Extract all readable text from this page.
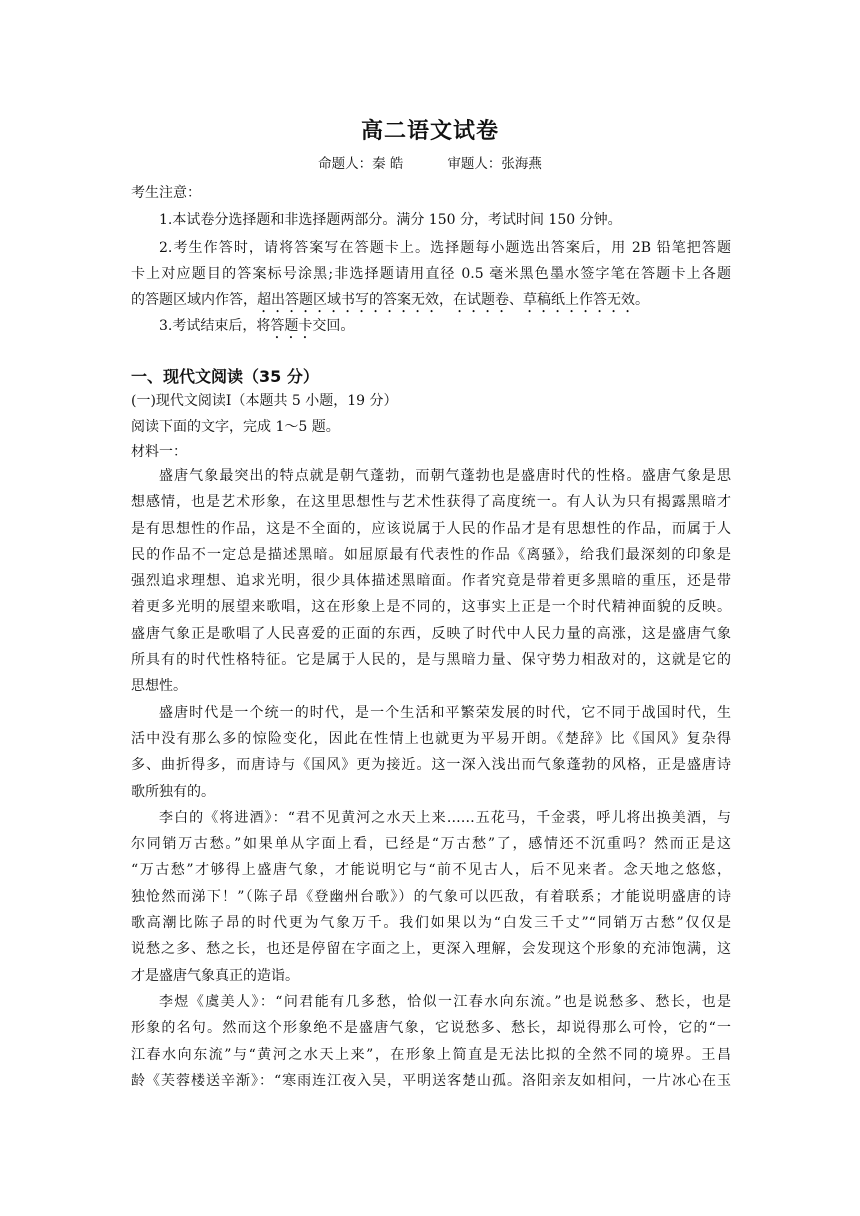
高二语文试卷
命题人：秦 皓	审题人：张海燕
考生注意：
1.本试卷分选择题和非选择题两部分。满分 150 分，考试时间 150 分钟。
2.考生作答时，请将答案写在答题卡上。选择题每小题选出答案后，用 2B 铅笔把答题
卡上对应题目的答案标号涂黑;非选择题请用直径 0.5 毫米黑色墨水签字笔在答题卡上各题
的答题区域内作答，超出答题区域书写的答案无效，在试题卷、草稿纸上作答无效。
3.考试结束后，将答题卡交回。
一、现代文阅读（35 分）
(一)现代文阅读Ⅰ（本题共 5 小题，19 分）
阅读下面的文字，完成 1～5 题。
材料一：
盛唐气象最突出的特点就是朝气蓬勃，而朝气蓬勃也是盛唐时代的性格。盛唐气象是思
想感情，也是艺术形象，在这里思想性与艺术性获得了高度统一。有人认为只有揭露黑暗才
是有思想性的作品，这是不全面的，应该说属于人民的作品才是有思想性的作品，而属于人
民的作品不一定总是描述黑暗。如屈原最有代表性的作品《离骚》，给我们最深刻的印象是
强烈追求理想、追求光明，很少具体描述黑暗面。作者究竟是带着更多黑暗的重压，还是带
着更多光明的展望来歌唱，这在形象上是不同的，这事实上正是一个时代精神面貌的反映。
盛唐气象正是歌唱了人民喜爱的正面的东西，反映了时代中人民力量的高涨，这是盛唐气象
所具有的时代性格特征。它是属于人民的，是与黑暗力量、保守势力相敌对的，这就是它的
思想性。
盛唐时代是一个统一的时代，是一个生活和平繁荣发展的时代，它不同于战国时代，生
活中没有那么多的惊险变化，因此在性情上也就更为平易开朗。《楚辞》比《国风》复杂得
多、曲折得多，而唐诗与《国风》更为接近。这一深入浅出而气象蓬勃的风格，正是盛唐诗
歌所独有的。
李白的《将进酒》：“君不见黄河之水天上来……五花马，千金裘，呼儿将出换美酒，与
尔同销万古愁。”如果单从字面上看，已经是“万古愁”了，感情还不沉重吗？然而正是这
“万古愁”才够得上盛唐气象，才能说明它与“前不见古人，后不见来者。念天地之悠悠，
独怆然而涕下！”（陈子昂《登幽州台歌》）的气象可以匹敌，有着联系；才能说明盛唐的诗
歌高潮比陈子昂的时代更为气象万千。我们如果以为“白发三千丈”“同销万古愁”仅仅是
说愁之多、愁之长，也还是停留在字面之上，更深入理解，会发现这个形象的充沛饱满，这
才是盛唐气象真正的造诣。
李煜《虞美人》：“问君能有几多愁，恰似一江春水向东流。”也是说愁多、愁长，也是
形象的名句。然而这个形象绝不是盛唐气象，它说愁多、愁长，却说得那么可怜，它的“一
江春水向东流”与“黄河之水天上来”，在形象上简直是无法比拟的全然不同的境界。王昌
龄《芙蓉楼送辛渐》：“寒雨连江夜入吴，平明送客楚山孤。洛阳亲友如相问，一片冰心在玉
